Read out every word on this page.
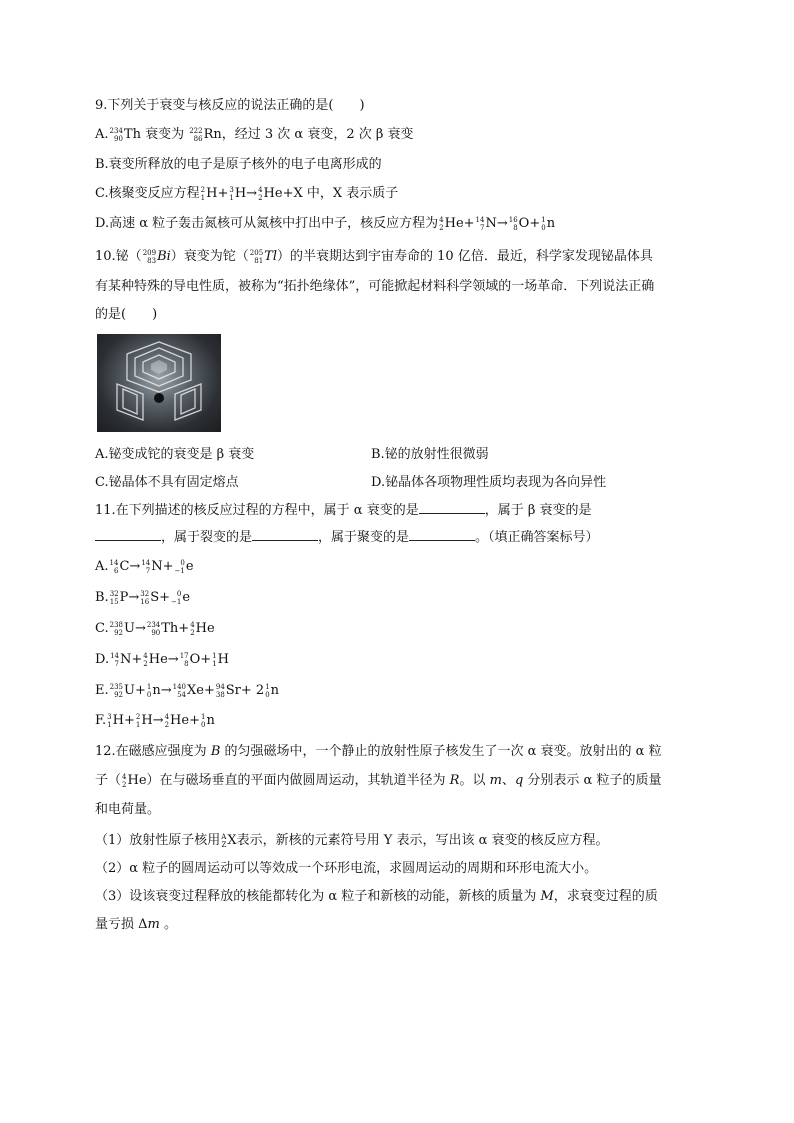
9.下列关于衰变与核反应的说法正确的是(　　)
A. 234
90 Th 衰变为 222
86 Rn，经过 3 次 α 衰变，2 次 β 衰变
B.衰变所释放的电子是原子核外的电子电离形成的
C.核聚变反应方程 2
1 H+ 3
1 H→ 4
2 He+X 中，X 表示质子
D.高速 α 粒子轰击氮核可从氮核中打出中子，核反应方程为 4
2 He+ 14
7 N→ 16
8 O+ 1
0 n
10.铋（ 209
83 Bi）衰变为铊（ 205
81 Tl）的半衰期达到宇宙寿命的 10 亿倍．最近，科学家发现铋晶体具
有某种特殊的导电性质，被称为“拓扑绝缘体”，可能掀起材料科学领域的一场革命．下列说法正确
的是(　　)
A.铋变成铊的衰变是 β 衰变	B.铋的放射性很微弱
C.铋晶体不具有固定熔点	D.铋晶体各项物理性质均表现为各向异性
11.在下列描述的核反应过程的方程中，属于 α 衰变的是	，属于 β 衰变的是
，属于裂变的是	，属于聚变的是	。（填正确答案标号）
A. 14
6 C→ 14
7 N+ 0
−1 e
B. 32
15 P→ 32
16 S+ 0
−1 e
C. 238
92 U→ 234
90 Th+ 4
2 He
D. 14
7 N+ 4
2 He→ 17
8 O+ 1
1 H
E. 235
92 U+ 1
0 n→ 140
54 Xe+ 94
38 Sr+ 2 1
0 n
F. 3
1 H+ 2
1 H→ 4
2 He+ 1
0 n
12.在磁感应强度为 B 的匀强磁场中，一个静止的放射性原子核发生了一次 α 衰变。放射出的 α 粒
子（ 4
2 He）在与磁场垂直的平面内做圆周运动，其轨道半径为 R。以 m、q 分别表示 α 粒子的质量
和电荷量。
（1）放射性原子核用 A
Z X表示，新核的元素符号用 Y 表示，写出该 α 衰变的核反应方程。
（2）α 粒子的圆周运动可以等效成一个环形电流，求圆周运动的周期和环形电流大小。
（3）设该衰变过程释放的核能都转化为 α 粒子和新核的动能，新核的质量为 M，求衰变过程的质
量亏损 Δm 。
